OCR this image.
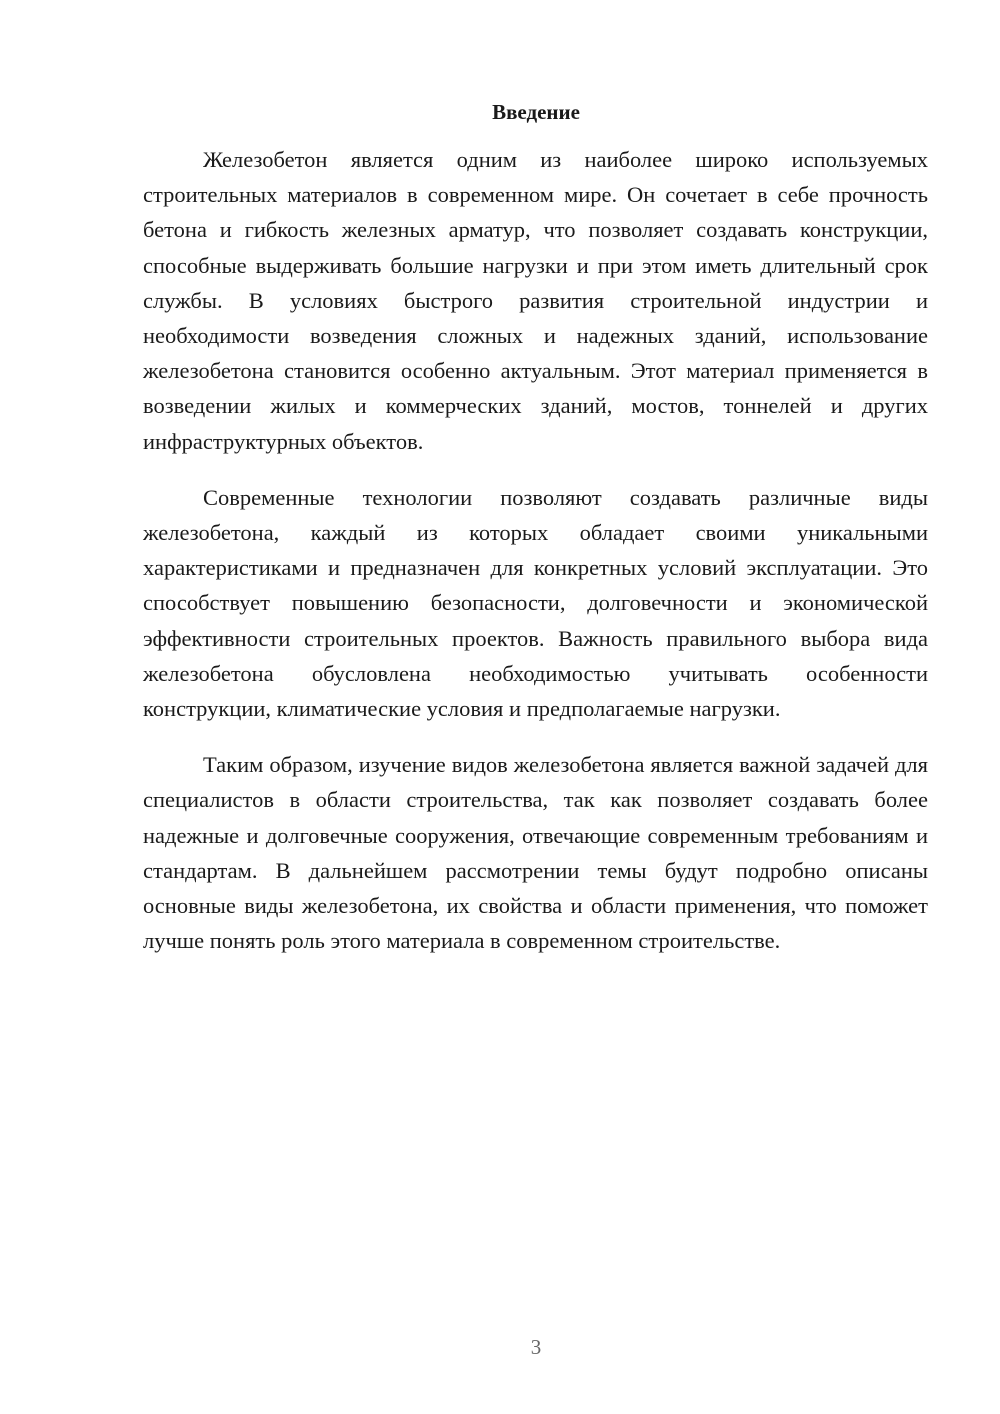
Введение

Железобетон является одним из наиболее широко используемых строительных материалов в современном мире. Он сочетает в себе прочность бетона и гибкость железных арматур, что позволяет создавать конструкции, способные выдерживать большие нагрузки и при этом иметь длительный срок службы. В условиях быстрого развития строительной индустрии и необходимости возведения сложных и надежных зданий, использование железобетона становится особенно актуальным. Этот материал применяется в возведении жилых и коммерческих зданий, мостов, тоннелей и других инфраструктурных объектов.

Современные технологии позволяют создавать различные виды железобетона, каждый из которых обладает своими уникальными характеристиками и предназначен для конкретных условий эксплуатации. Это способствует повышению безопасности, долговечности и экономической эффективности строительных проектов. Важность правильного выбора вида железобетона обусловлена необходимостью учитывать особенности конструкции, климатические условия и предполагаемые нагрузки.

Таким образом, изучение видов железобетона является важной задачей для специалистов в области строительства, так как позволяет создавать более надежные и долговечные сооружения, отвечающие современным требованиям и стандартам. В дальнейшем рассмотрении темы будут подробно описаны основные виды железобетона, их свойства и области применения, что поможет лучше понять роль этого материала в современном строительстве.

3
